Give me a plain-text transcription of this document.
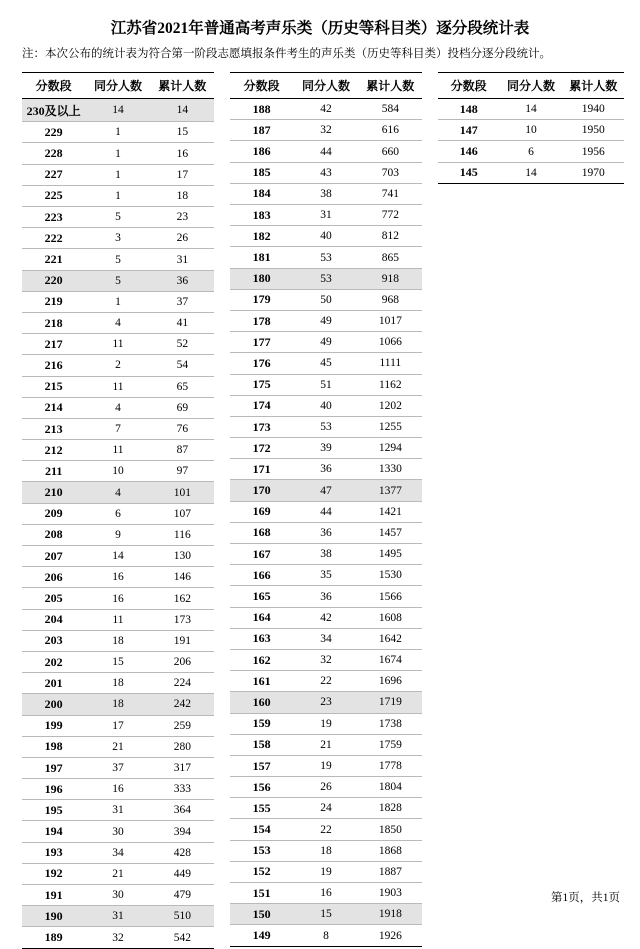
江苏省2021年普通高考声乐类（历史等科目类）逐分段统计表
注：本次公布的统计表为符合第一阶段志愿填报条件考生的声乐类（历史等科目类）投档分逐分段统计。
分数段	同分人数	累计人数
230及以上	14	14
229	1	15
228	1	16
227	1	17
225	1	18
223	5	23
222	3	26
221	5	31
220	5	36
219	1	37
218	4	41
217	11	52
216	2	54
215	11	65
214	4	69
213	7	76
212	11	87
211	10	97
210	4	101
209	6	107
208	9	116
207	14	130
206	16	146
205	16	162
204	11	173
203	18	191
202	15	206
201	18	224
200	18	242
199	17	259
198	21	280
197	37	317
196	16	333
195	31	364
194	30	394
193	34	428
192	21	449
191	30	479
190	31	510
189	32	542
分数段	同分人数	累计人数
188	42	584
187	32	616
186	44	660
185	43	703
184	38	741
183	31	772
182	40	812
181	53	865
180	53	918
179	50	968
178	49	1017
177	49	1066
176	45	1111
175	51	1162
174	40	1202
173	53	1255
172	39	1294
171	36	1330
170	47	1377
169	44	1421
168	36	1457
167	38	1495
166	35	1530
165	36	1566
164	42	1608
163	34	1642
162	32	1674
161	22	1696
160	23	1719
159	19	1738
158	21	1759
157	19	1778
156	26	1804
155	24	1828
154	22	1850
153	18	1868
152	19	1887
151	16	1903
150	15	1918
149	8	1926
分数段	同分人数	累计人数
148	14	1940
147	10	1950
146	6	1956
145	14	1970
第1页，共1页
